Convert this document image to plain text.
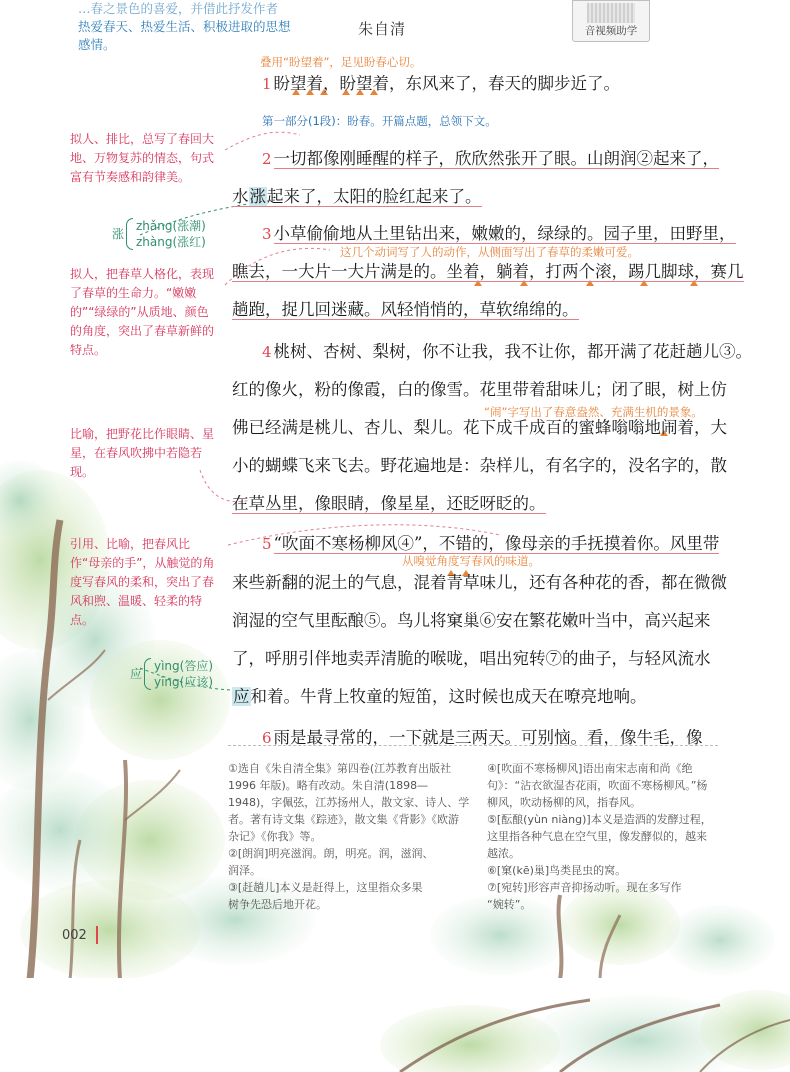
…春之景色的喜爱，并借此抒发作者
热爱春天、热爱生活、积极进取的思想
感情。
朱自清	音视频助学
叠用“盼望着”，足见盼春心切。
第一部分(1段)：盼春。开篇点题，总领下文。
这几个动词写了人的动作，从侧面写出了春草的柔嫩可爱。
“闹”字写出了春意盎然、充满生机的景象。
从嗅觉角度写春风的味道。
拟人、排比，总写了春回大地、万物复苏的情态，句式富有节奏感和韵律美。
拟人，把春草人格化，表现了春草的生命力。“嫩嫩的”“绿绿的”从质地、颜色的角度，突出了春草新鲜的特点。
比喻，把野花比作眼睛、星星，在春风吹拂中若隐若现。
引用、比喻，把春风比作“母亲的手”，从触觉的角度写春风的柔和，突出了春风和煦、温暖、轻柔的特点。
涨
zhǎng(涨潮)
zhàng(涨红)
应
yìng(答应)
yīng(应该)
1 盼望着，盼望着，东风来了，春天的脚步近了。
2 一切都像刚睡醒的样子，欣欣然张开了眼。山朗润②起来了，
水涨起来了，太阳的脸红起来了。
3 小草偷偷地从土里钻出来，嫩嫩的，绿绿的。园子里，田野里，
瞧去，一大片一大片满是的。坐着，躺着，打两个滚，踢几脚球，赛几
趟跑，捉几回迷藏。风轻悄悄的，草软绵绵的。
4 桃树、杏树、梨树，你不让我，我不让你，都开满了花赶趟儿③。
红的像火，粉的像霞，白的像雪。花里带着甜味儿；闭了眼，树上仿
佛已经满是桃儿、杏儿、梨儿。花下成千成百的蜜蜂嗡嗡地闹着，大
小的蝴蝶飞来飞去。野花遍地是：杂样儿，有名字的，没名字的，散
在草丛里，像眼睛，像星星，还眨呀眨的。
5 “吹面不寒杨柳风④”，不错的，像母亲的手抚摸着你。风里带
来些新翻的泥土的气息，混着青草味儿，还有各种花的香，都在微微
润湿的空气里酝酿⑤。鸟儿将窠巢⑥安在繁花嫩叶当中，高兴起来
了，呼朋引伴地卖弄清脆的喉咙，唱出宛转⑦的曲子，与轻风流水
应和着。牛背上牧童的短笛，这时候也成天在嘹亮地响。
6 雨是最寻常的，一下就是三两天。可别恼。看，像牛毛，像
①选自《朱自清全集》第四卷(江苏教育出版社
1996 年版)。略有改动。朱自清(1898—
1948)，字佩弦，江苏扬州人，散文家、诗人、学
者。著有诗文集《踪迹》，散文集《背影》《欧游
杂记》《你我》等。
②[朗润]明亮滋润。朗，明亮。润，滋润、
润泽。
③[赶趟儿]本义是赶得上，这里指众多果
树争先恐后地开花。
④[吹面不寒杨柳风]语出南宋志南和尚《绝
句》：“沾衣欲湿杏花雨，吹面不寒杨柳风。”杨
柳风，吹动杨柳的风，指春风。
⑤[酝酿(yùn niàng)]本义是造酒的发酵过程，
这里指各种气息在空气里，像发酵似的，越来
越浓。
⑥[窠(kē)巢]鸟类昆虫的窝。
⑦[宛转]形容声音抑扬动听。现在多写作
“婉转”。
002
